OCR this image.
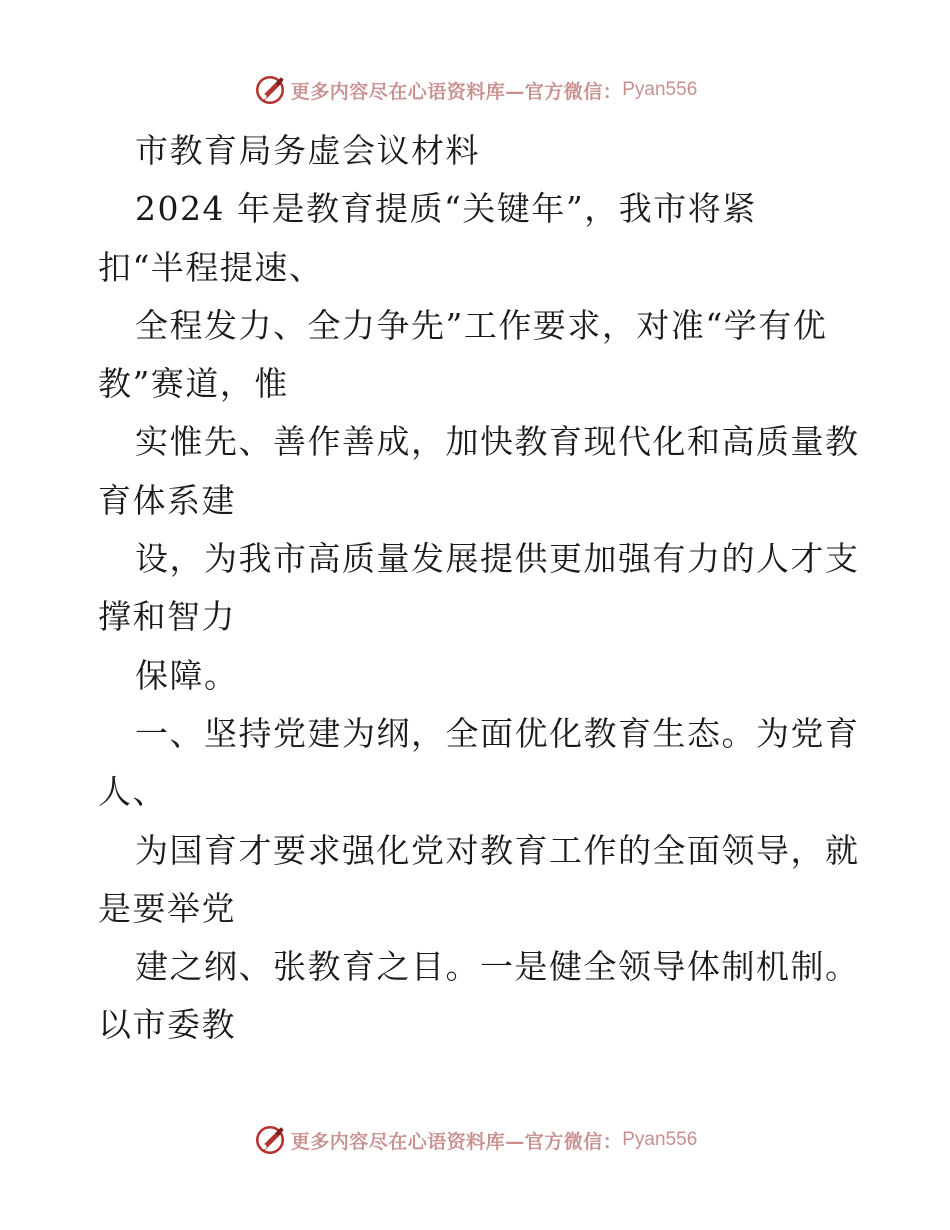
更多内容尽在心语资料库—官方微信： Pyan556
市教育局务虚会议材料
2024 年是教育提质“关键年”，我市将紧
扣“半程提速、
全程发力、全力争先”工作要求，对准“学有优
教”赛道，惟
实惟先、善作善成，加快教育现代化和高质量教
育体系建
设，为我市高质量发展提供更加强有力的人才支
撑和智力
保障。
一、坚持党建为纲，全面优化教育生态。为党育
人、
为国育才要求强化党对教育工作的全面领导，就
是要举党
建之纲、张教育之目。一是健全领导体制机制。
以市委教
更多内容尽在心语资料库—官方微信： Pyan556
